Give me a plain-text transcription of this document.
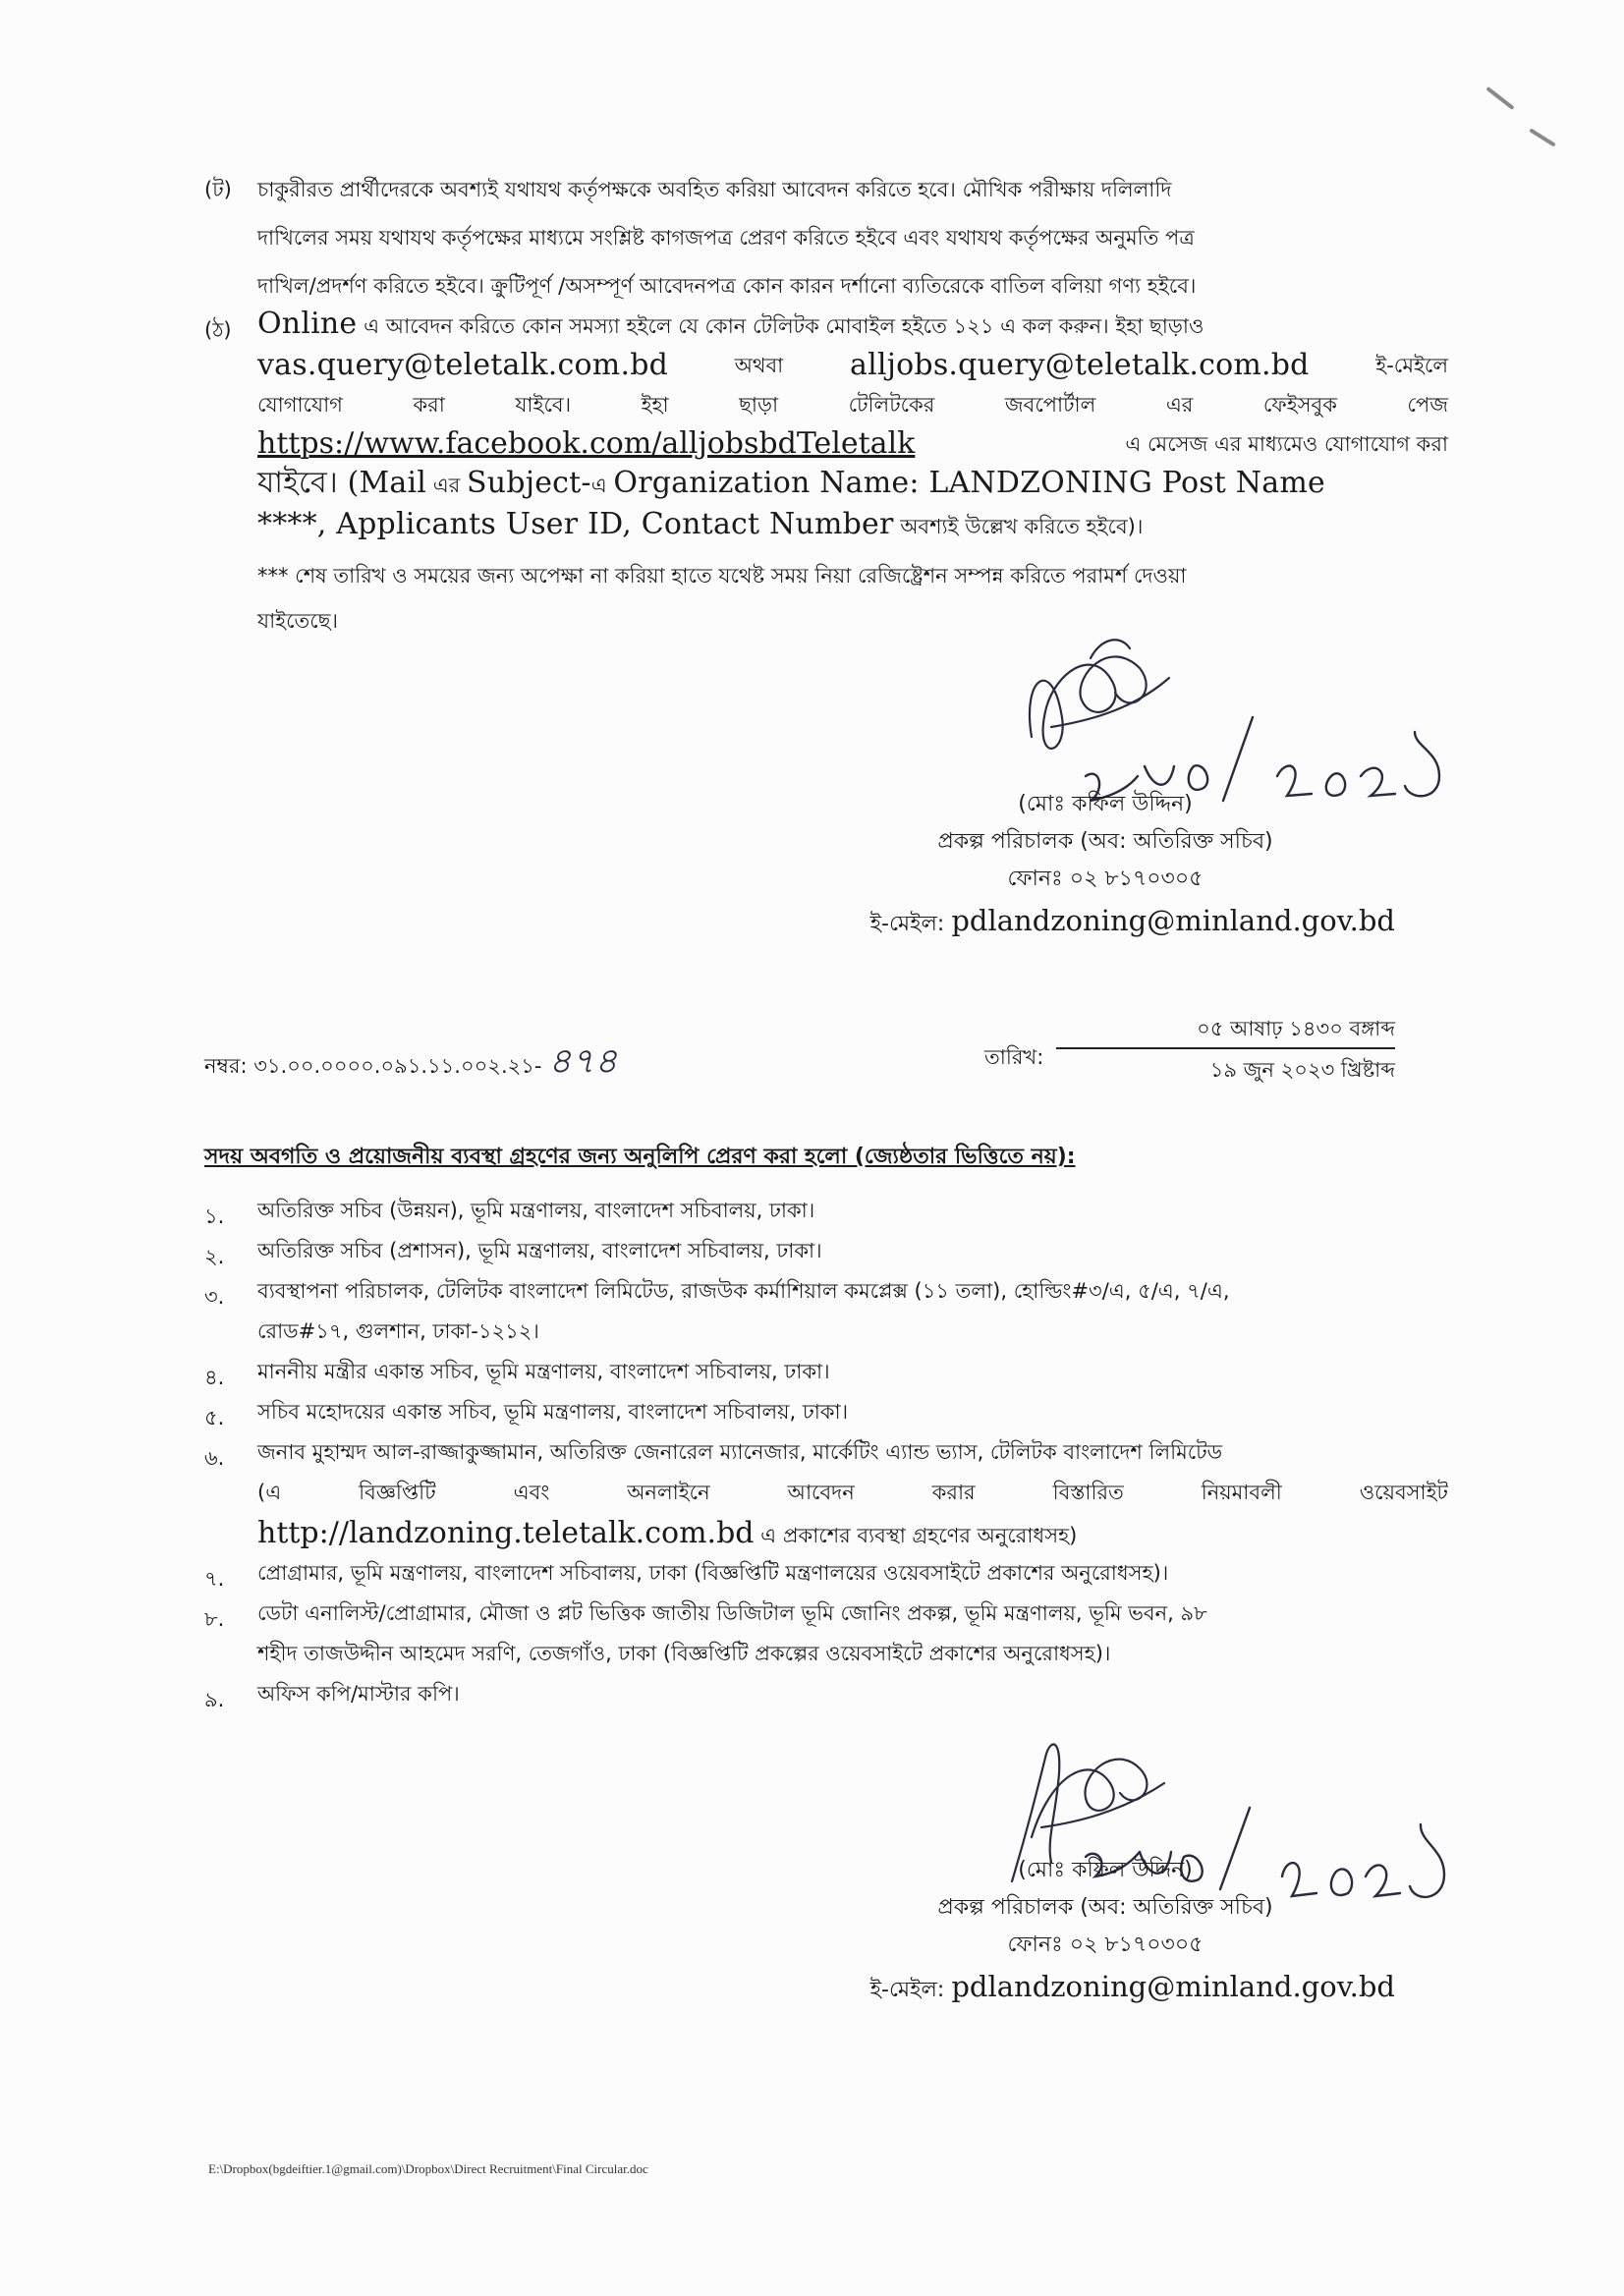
(ট) চাকুরীরত প্রার্থীদেরকে অবশ্যই যথাযথ কর্তৃপক্ষকে অবহিত করিয়া আবেদন করিতে হবে। মৌখিক পরীক্ষায় দলিলাদি
দাখিলের সময় যথাযথ কর্তৃপক্ষের মাধ্যমে সংশ্লিষ্ট কাগজপত্র প্রেরণ করিতে হইবে এবং যথাযথ কর্তৃপক্ষের অনুমতি পত্র
দাখিল/প্রদর্শণ করিতে হইবে। ক্রুটিপূর্ণ /অসম্পূর্ণ আবেদনপত্র কোন কারন দর্শানো ব্যতিরেকে বাতিল বলিয়া গণ্য হইবে।
(ঠ) Online এ আবেদন করিতে কোন সমস্যা হইলে যে কোন টেলিটক মোবাইল হইতে ১২১ এ কল করুন। ইহা ছাড়াও
vas.query@teletalk.com.bd	অথবা alljobs.query@teletalk.com.bd	ই-মেইলে
যোগাযোগ	করা	যাইবে।	ইহা	ছাড়া	টেলিটকের	জবপোর্টাল	এর	ফেইসবুক	পেজ
https://www.facebook.com/alljobsbdTeletalk	এ মেসেজ এর মাধ্যমেও যোগাযোগ করা
যাইবে। (Mail এর Subject-এ Organization Name: LANDZONING Post Name
****, Applicants User ID, Contact Number অবশ্যই উল্লেখ করিতে হইবে)।
*** শেষ তারিখ ও সময়ের জন্য অপেক্ষা না করিয়া হাতে যথেষ্ট সময় নিয়া রেজিষ্ট্রেশন সম্পন্ন করিতে পরামর্শ দেওয়া
যাইতেছে।
(মোঃ কফিল উদ্দিন)
প্রকল্প পরিচালক (অব: অতিরিক্ত সচিব)
ফোনঃ ০২ ৮১৭০৩০৫
ই-মেইল: pdlandzoning@minland.gov.bd
নম্বর: ৩১.০০.০০০০.০৯১.১১.০০২.২১- ৪৭৪	তারিখ:
০৫ আষাঢ় ১৪৩০ বঙ্গাব্দ
১৯ জুন ২০২৩ খ্রিষ্টাব্দ
সদয় অবগতি ও প্রয়োজনীয় ব্যবস্থা গ্রহণের জন্য অনুলিপি প্রেরণ করা হলো (জ্যেষ্ঠতার ভিত্তিতে নয়):
১. অতিরিক্ত সচিব (উন্নয়ন), ভূমি মন্ত্রণালয়, বাংলাদেশ সচিবালয়, ঢাকা।
২. অতিরিক্ত সচিব (প্রশাসন), ভূমি মন্ত্রণালয়, বাংলাদেশ সচিবালয়, ঢাকা।
৩. ব্যবস্থাপনা পরিচালক, টেলিটক বাংলাদেশ লিমিটেড, রাজউক কর্মাশিয়াল কমপ্লেক্স (১১ তলা), হোল্ডিং#৩/এ, ৫/এ, ৭/এ,
রোড#১৭, গুলশান, ঢাকা-১২১২।
৪. মাননীয় মন্ত্রীর একান্ত সচিব, ভূমি মন্ত্রণালয়, বাংলাদেশ সচিবালয়, ঢাকা।
৫. সচিব মহোদয়ের একান্ত সচিব, ভূমি মন্ত্রণালয়, বাংলাদেশ সচিবালয়, ঢাকা।
৬. জনাব মুহাম্মদ আল-রাজ্জাকুজ্জামান, অতিরিক্ত জেনারেল ম্যানেজার, মার্কেটিং এ্যান্ড ভ্যাস, টেলিটক বাংলাদেশ লিমিটেড
(এ	বিজ্ঞপ্তিটি	এবং	অনলাইনে	আবেদন	করার	বিস্তারিত	নিয়মাবলী	ওয়েবসাইট
http://landzoning.teletalk.com.bd এ প্রকাশের ব্যবস্থা গ্রহণের অনুরোধসহ)
৭. প্রোগ্রামার, ভূমি মন্ত্রণালয়, বাংলাদেশ সচিবালয়, ঢাকা (বিজ্ঞপ্তিটি মন্ত্রণালয়ের ওয়েবসাইটে প্রকাশের অনুরোধসহ)।
৮. ডেটা এনালিস্ট/প্রোগ্রামার, মৌজা ও প্লট ভিত্তিক জাতীয় ডিজিটাল ভূমি জোনিং প্রকল্প, ভূমি মন্ত্রণালয়, ভূমি ভবন, ৯৮
শহীদ তাজউদ্দীন আহমেদ সরণি, তেজগাঁও, ঢাকা (বিজ্ঞপ্তিটি প্রকল্পের ওয়েবসাইটে প্রকাশের অনুরোধসহ)।
৯. অফিস কপি/মাস্টার কপি।
(মোঃ কফিল উদ্দিন)
প্রকল্প পরিচালক (অব: অতিরিক্ত সচিব)
ফোনঃ ০২ ৮১৭০৩০৫
ই-মেইল: pdlandzoning@minland.gov.bd
E:\Dropbox(bgdeiftier.1@gmail.com)\Dropbox\Direct Recruitment\Final Circular.doc
